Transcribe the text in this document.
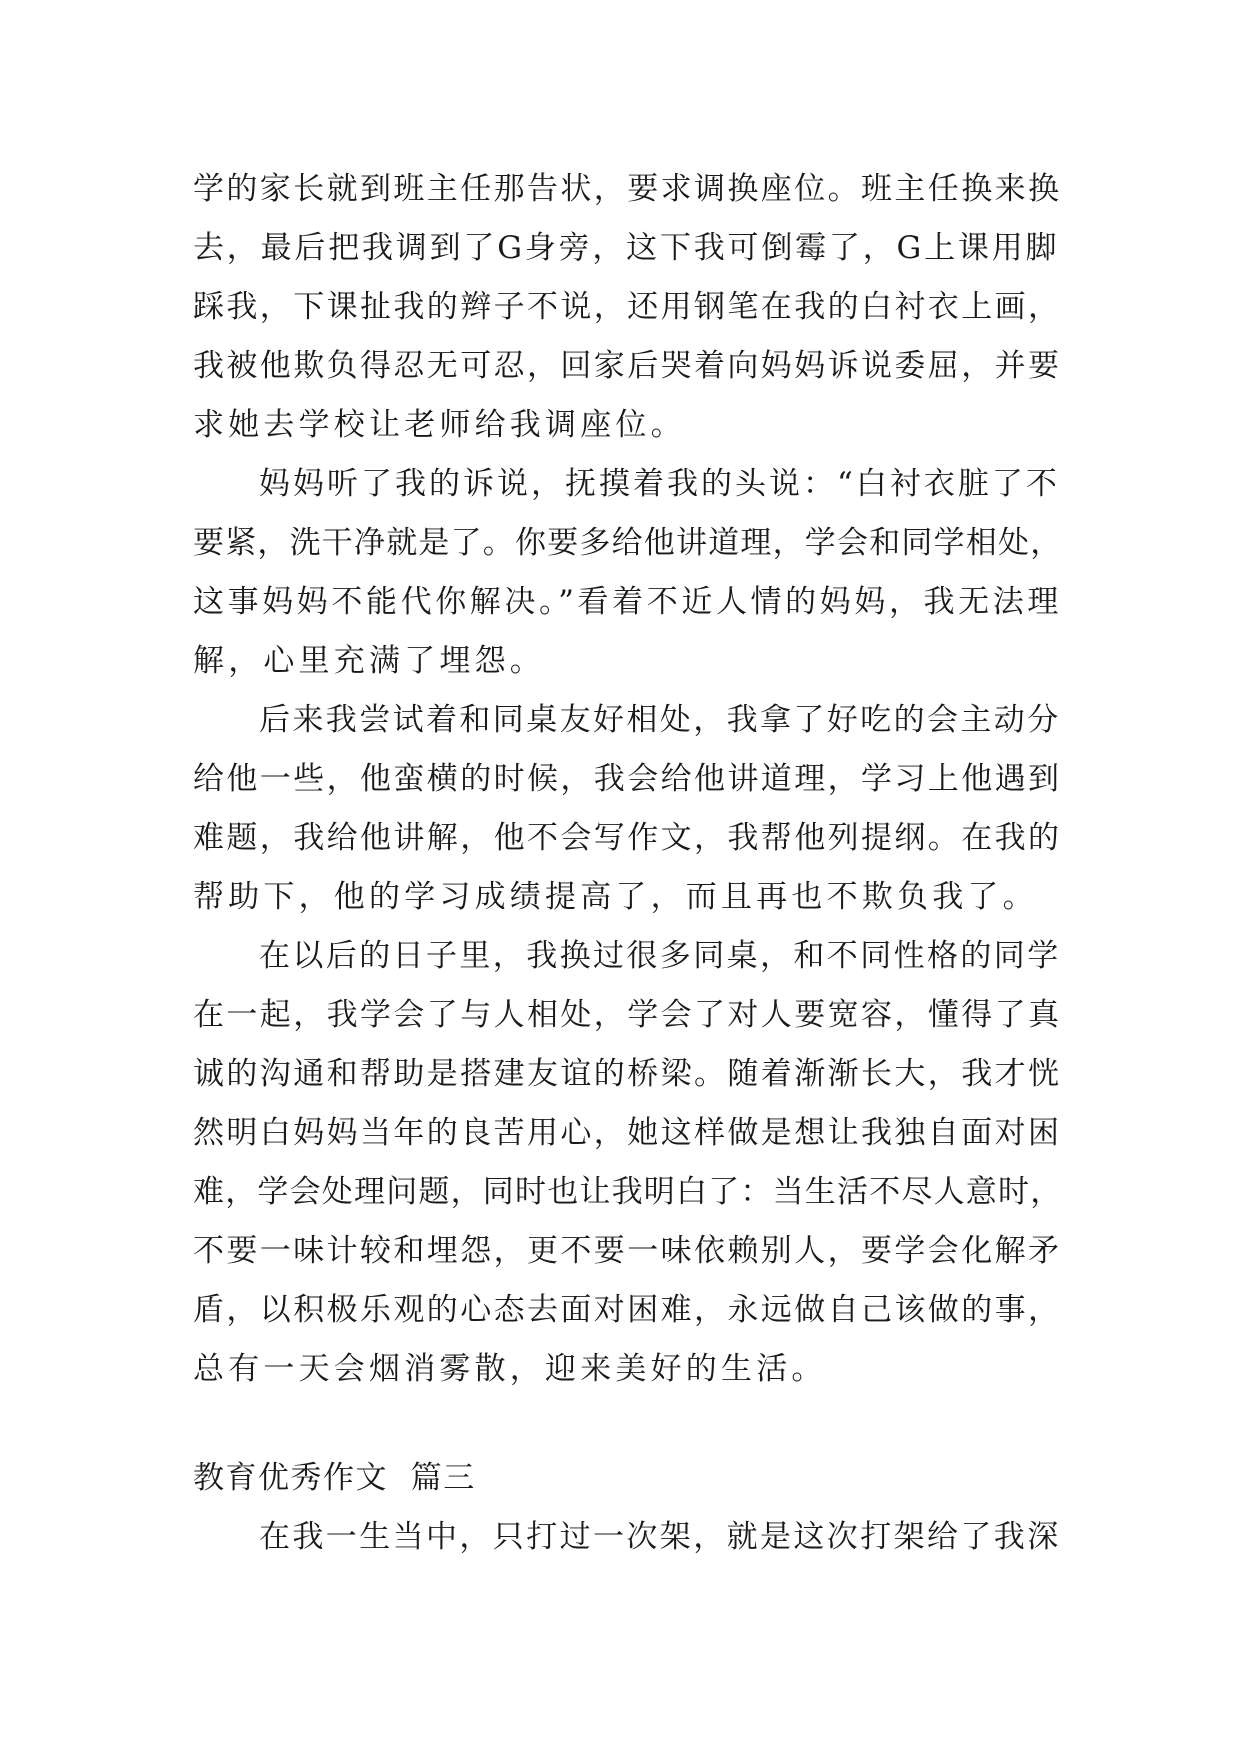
学的家长就到班主任那告状，要求调换座位。班主任换来换
去，最后把我调到了G身旁，这下我可倒霉了，G上课用脚
踩我，下课扯我的辫子不说，还用钢笔在我的白衬衣上画，
我被他欺负得忍无可忍，回家后哭着向妈妈诉说委屈，并要
求她去学校让老师给我调座位。
妈妈听了我的诉说，抚摸着我的头说：“白衬衣脏了不
要紧，洗干净就是了。你要多给他讲道理，学会和同学相处，
这事妈妈不能代你解决。”看着不近人情的妈妈，我无法理
解，心里充满了埋怨。
后来我尝试着和同桌友好相处，我拿了好吃的会主动分
给他一些，他蛮横的时候，我会给他讲道理，学习上他遇到
难题，我给他讲解，他不会写作文，我帮他列提纲。在我的
帮助下，他的学习成绩提高了，而且再也不欺负我了。
在以后的日子里，我换过很多同桌，和不同性格的同学
在一起，我学会了与人相处，学会了对人要宽容，懂得了真
诚的沟通和帮助是搭建友谊的桥梁。随着渐渐长大，我才恍
然明白妈妈当年的良苦用心，她这样做是想让我独自面对困
难，学会处理问题，同时也让我明白了：当生活不尽人意时，
不要一味计较和埋怨，更不要一味依赖别人，要学会化解矛
盾，以积极乐观的心态去面对困难，永远做自己该做的事，
总有一天会烟消雾散，迎来美好的生活。
教育优秀作文  篇三
在我一生当中，只打过一次架，就是这次打架给了我深
